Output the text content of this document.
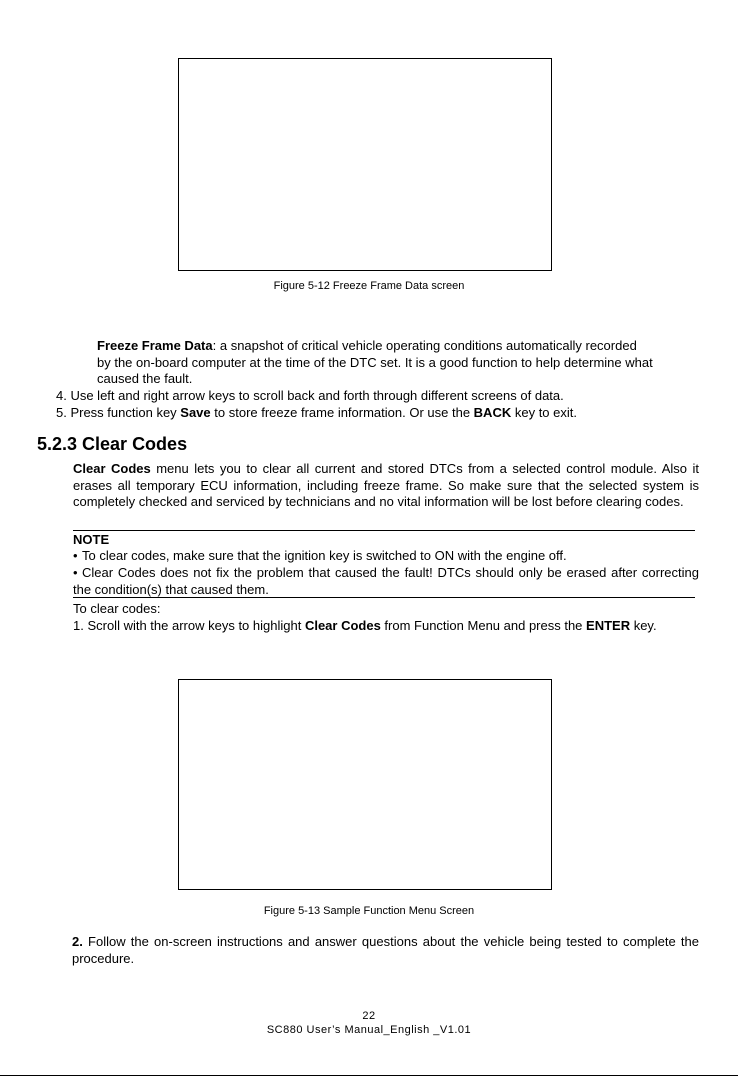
Figure 5-12 Freeze Frame Data screen
Freeze Frame Data: a snapshot of critical vehicle operating conditions automatically recorded
by the on-board computer at the time of the DTC set. It is a good function to help determine what
caused the fault.
4. Use left and right arrow keys to scroll back and forth through different screens of data.
5. Press function key Save to store freeze frame information. Or use the BACK key to exit.
5.2.3 Clear Codes
Clear Codes menu lets you to clear all current and stored DTCs from a selected control module. Also it erases all temporary ECU information, including freeze frame. So make sure that the selected system is completely checked and serviced by technicians and no vital information will be lost before clearing codes.
NOTE
• To clear codes, make sure that the ignition key is switched to ON with the engine off.
• Clear Codes does not fix the problem that caused the fault! DTCs should only be erased after correcting the condition(s) that caused them.
To clear codes:
1. Scroll with the arrow keys to highlight Clear Codes from Function Menu and press the ENTER key.
Figure 5-13 Sample Function Menu Screen
2. Follow the on-screen instructions and answer questions about the vehicle being tested to complete the procedure.
22
SC880 User’s Manual_English _V1.01
